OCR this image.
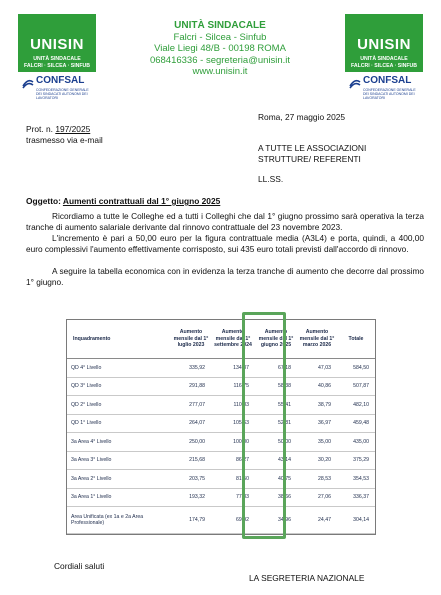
UNISIN
UNITÀ SINDACALE
FALCRI · SILCEA · SINFUB
CONFSAL
CONFEDERAZIONE GENERALE DEI SINDACATI AUTONOMI DEI LAVORATORI
UNISIN
UNITÀ SINDACALE
FALCRI · SILCEA · SINFUB
CONFSAL
CONFEDERAZIONE GENERALE DEI SINDACATI AUTONOMI DEI LAVORATORI
UNITÀ SINDACALE
Falcri - Silcea - Sinfub
Viale Liegi 48/B - 00198 ROMA
068416336 - segreteria@unisin.it
www.unisin.it
Roma, 27 maggio 2025
Prot. n. 197/2025
trasmesso via e-mail
A TUTTE LE ASSOCIAZIONI
STRUTTURE/ REFERENTI
LL.SS.
Oggetto: Aumenti contrattuali dal 1° giugno 2025
Ricordiamo a tutte le Colleghe ed a tutti i Colleghi che dal 1° giugno prossimo sarà operativa la terza tranche di aumento salariale derivante dal rinnovo contrattuale del 23 novembre 2023.
L'incremento è pari a 50,00 euro per la figura contrattuale media (A3L4) e porta, quindi, a 400,00 euro complessivi l'aumento effettivamente corrisposto, sui 435 euro totali previsti dall'accordo di rinnovo.
A seguire la tabella economica con in evidenza la terza tranche di aumento che decorre dal prossimo 1° giugno.
Inquadramento	Aumento mensile dal 1° luglio 2023	Aumento mensile dal 1° settembre 2024	Aumento mensile dal 1° giugno 2025	Aumento mensile dal 1° marzo 2026	Totale
QD 4° Livello	335,92	134,37	67,18	47,03	584,50
QD 3° Livello	291,88	116,75	58,38	40,86	507,87
QD 2° Livello	277,07	110,83	55,41	38,79	482,10
QD 1° Livello	264,07	105,63	52,81	36,97	459,48
3a Area 4° Livello	250,00	100,00	50,00	35,00	435,00
3a Area 3° Livello	215,68	86,27	43,14	30,20	375,29
3a Area 2° Livello	203,75	81,50	40,75	28,53	354,53
3a Area 1° Livello	193,32	77,33	38,66	27,06	336,37
Area Unificata (ex 1a e 2a Area Professionale)	174,79	69,92	34,96	24,47	304,14
Cordiali saluti
LA SEGRETERIA NAZIONALE
